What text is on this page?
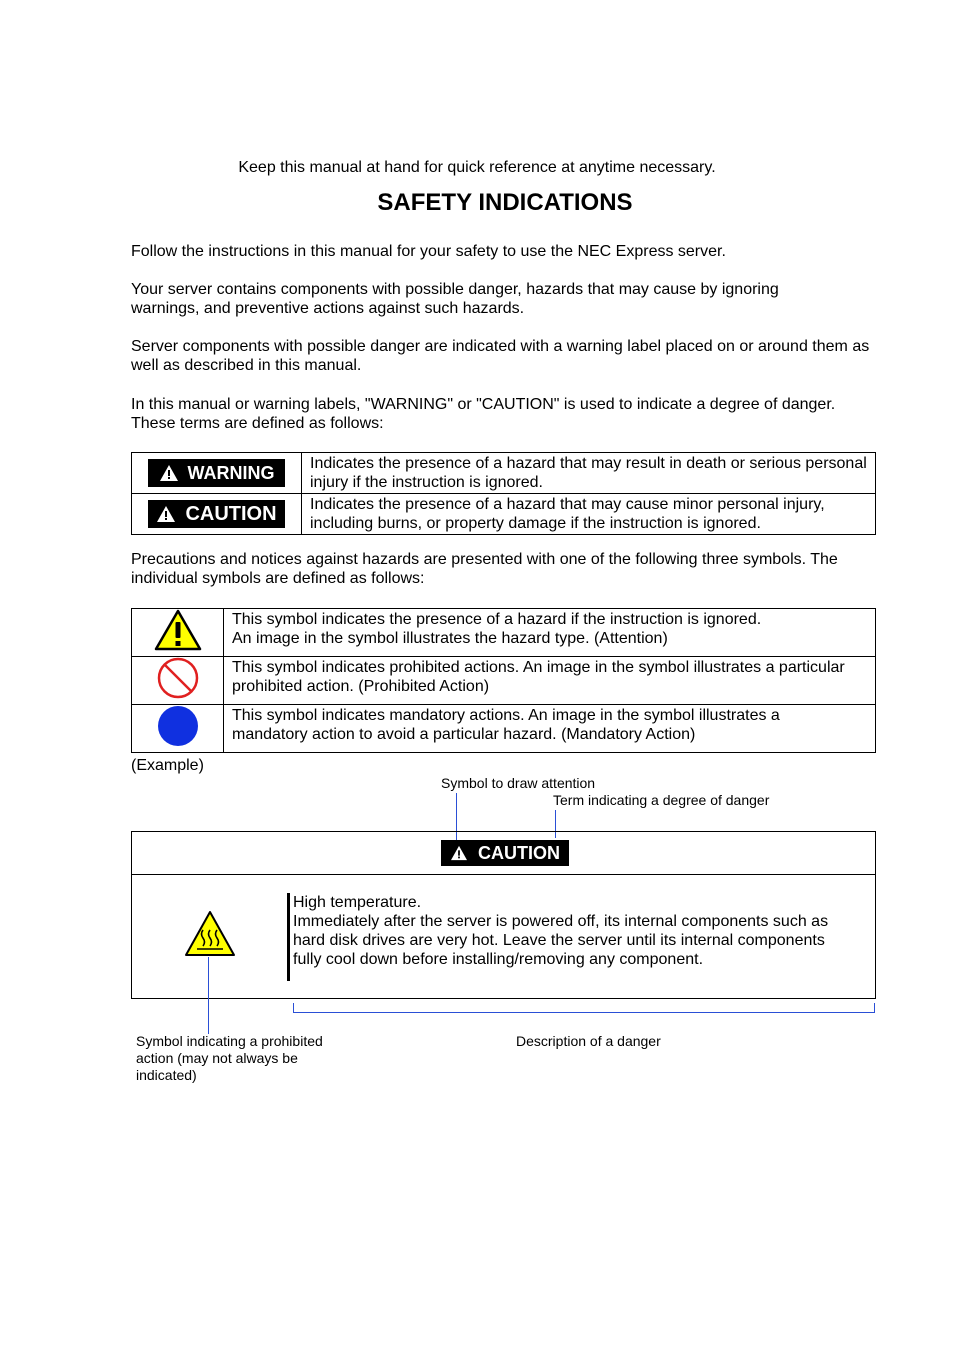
Keep this manual at hand for quick reference at anytime necessary.
SAFETY INDICATIONS
Follow the instructions in this manual for your safety to use the NEC Express server.
Your server contains components with possible danger, hazards that may cause by ignoring warnings, and preventive actions against such hazards.
Server components with possible danger are indicated with a warning label placed on or around them as well as described in this manual.
In this manual or warning labels, "WARNING" or "CAUTION" is used to indicate a degree of danger. These terms are defined as follows:
WARNING	Indicates the presence of a hazard that may result in death or serious personal injury if the instruction is ignored.

CAUTION	Indicates the presence of a hazard that may cause minor personal injury, including burns, or property damage if the instruction is ignored.
Precautions and notices against hazards are presented with one of the following three symbols. The individual symbols are defined as follows:

This symbol indicates the presence of a hazard if the instruction is ignored.
An image in the symbol illustrates the hazard type. (Attention)

This symbol indicates prohibited actions. An image in the symbol illustrates a particular
prohibited action. (Prohibited Action)

This symbol indicates mandatory actions. An image in the symbol illustrates a
mandatory action to avoid a particular hazard. (Mandatory Action)
(Example)
Symbol to draw attention
Term indicating a degree of danger
CAUTION
High temperature.
Immediately after the server is powered off, its internal components such as
hard disk drives are very hot. Leave the server until its internal components
fully cool down before installing/removing any component.
Symbol indicating a prohibited
action (may not always be
indicated)
Description of a danger
